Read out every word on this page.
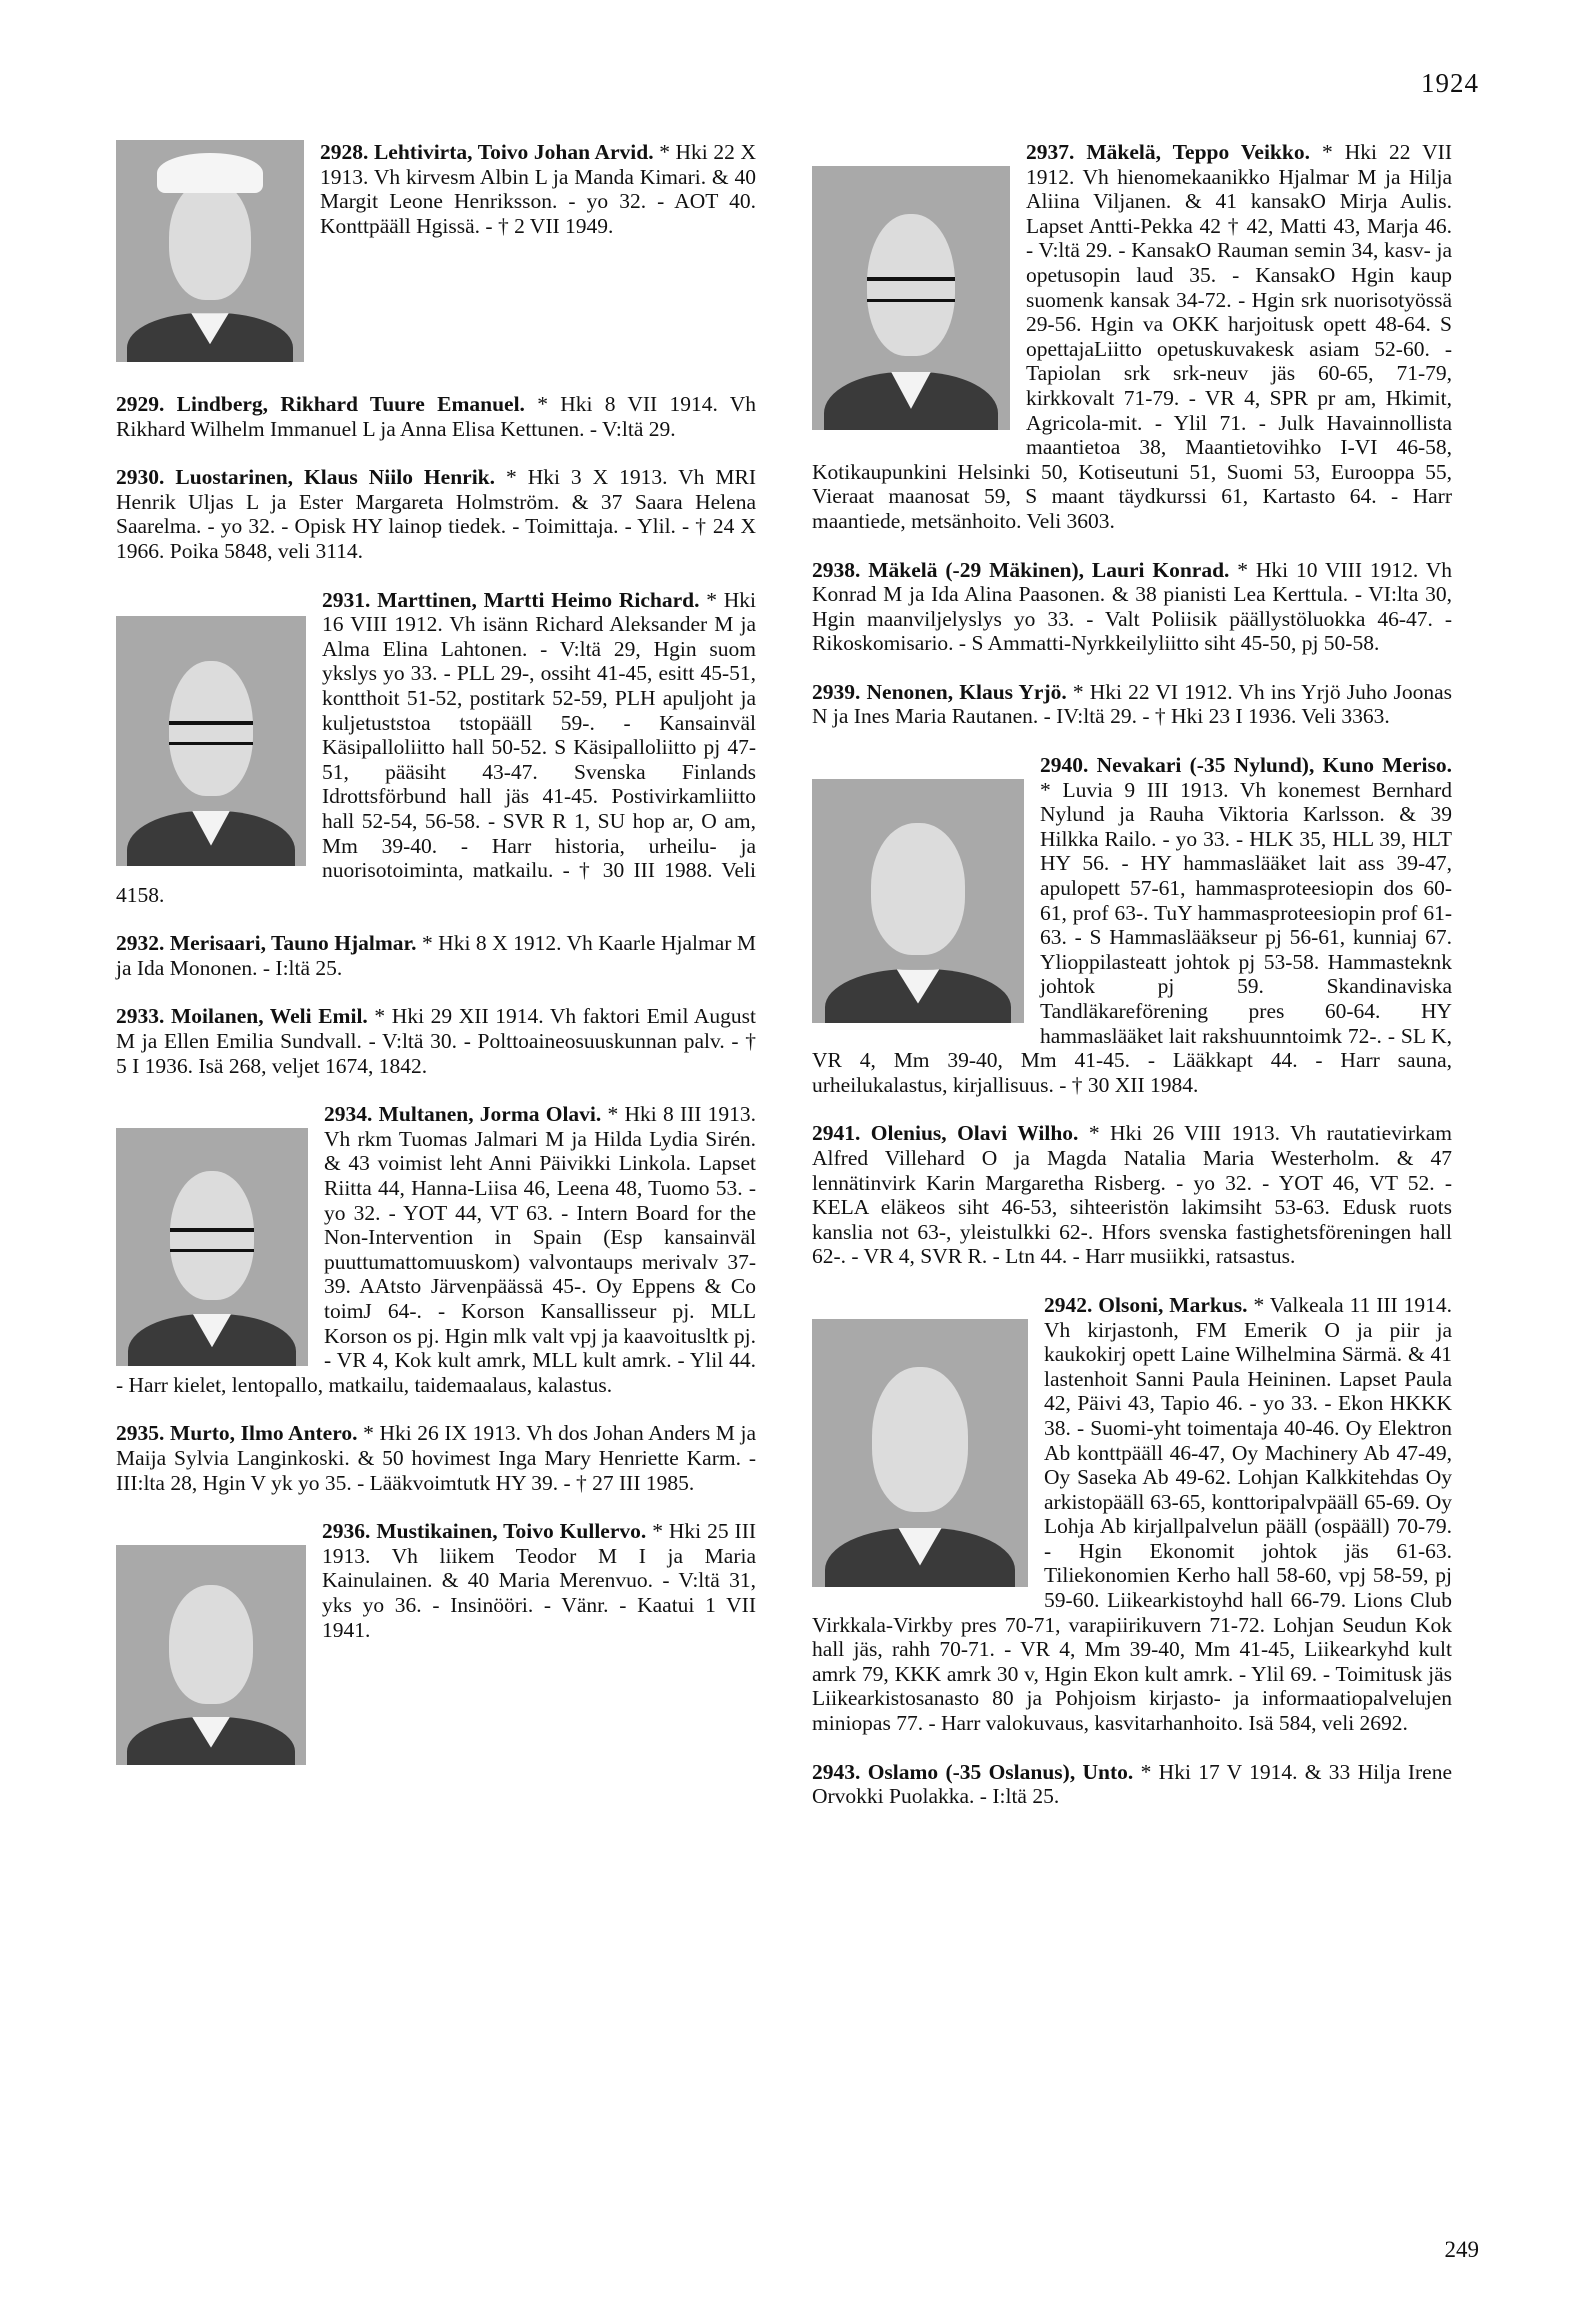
1924
2928. Lehtivirta, Toivo Johan Arvid. * Hki 22 X 1913. Vh kirvesm Albin L ja Manda Kimari. & 40 Margit Leone Henriksson. - yo 32. - AOT 40. Konttpääll Hgissä. - † 2 VII 1949.
2929. Lindberg, Rikhard Tuure Emanuel. * Hki 8 VII 1914. Vh Rikhard Wilhelm Immanuel L ja Anna Elisa Kettunen. - V:ltä 29.
2930. Luostarinen, Klaus Niilo Henrik. * Hki 3 X 1913. Vh MRI Henrik Uljas L ja Ester Margareta Holmström. & 37 Saara Helena Saarelma. - yo 32. - Opisk HY lainop tiedek. - Toimittaja. - Ylil. - † 24 X 1966. Poika 5848, veli 3114.
2931. Marttinen, Martti Heimo Richard. * Hki 16 VIII 1912. Vh isänn Richard Aleksander M ja Alma Elina Lahtonen. - V:ltä 29, Hgin suom ykslys yo 33. - PLL 29-, ossiht 41-45, esitt 45-51, kontthoit 51-52, postitark 52-59, PLH apuljoht ja kuljetuststoa tstopääll 59-. - Kansainväl Käsipalloliitto hall 50-52. S Käsipalloliitto pj 47-51, pääsiht 43-47. Svenska Finlands Idrottsförbund hall jäs 41-45. Postivirkamliitto hall 52-54, 56-58. - SVR R 1, SU hop ar, O am, Mm 39-40. - Harr historia, urheilu- ja nuorisotoiminta, matkailu. - † 30 III 1988. Veli 4158.
2932. Merisaari, Tauno Hjalmar. * Hki 8 X 1912. Vh Kaarle Hjalmar M ja Ida Mononen. - I:ltä 25.
2933. Moilanen, Weli Emil. * Hki 29 XII 1914. Vh faktori Emil August M ja Ellen Emilia Sundvall. - V:ltä 30. - Polttoaineosuuskunnan palv. - † 5 I 1936. Isä 268, veljet 1674, 1842.
2934. Multanen, Jorma Olavi. * Hki 8 III 1913. Vh rkm Tuomas Jalmari M ja Hilda Lydia Sirén. & 43 voimist leht Anni Päivikki Linkola. Lapset Riitta 44, Hanna-Liisa 46, Leena 48, Tuomo 53. - yo 32. - YOT 44, VT 63. - Intern Board for the Non-Intervention in Spain (Esp kansainväl puuttumattomuuskom) valvontaups merivalv 37-39. AAtsto Järvenpäässä 45-. Oy Eppens & Co toimJ 64-. - Korson Kansallisseur pj. MLL Korson os pj. Hgin mlk valt vpj ja kaavoitusltk pj. - VR 4, Kok kult amrk, MLL kult amrk. - Ylil 44. - Harr kielet, lentopallo, matkailu, taidemaalaus, kalastus.
2935. Murto, Ilmo Antero. * Hki 26 IX 1913. Vh dos Johan Anders M ja Maija Sylvia Langinkoski. & 50 hovimest Inga Mary Henriette Karm. - III:lta 28, Hgin V yk yo 35. - Lääkvoimtutk HY 39. - † 27 III 1985.
2936. Mustikainen, Toivo Kullervo. * Hki 25 III 1913. Vh liikem Teodor M I ja Maria Kainulainen. & 40 Maria Merenvuo. - V:ltä 31, yks yo 36. - Insinööri. - Vänr. - Kaatui 1 VII 1941.
2937. Mäkelä, Teppo Veikko. * Hki 22 VII 1912. Vh hienomekaanikko Hjalmar M ja Hilja Aliina Viljanen. & 41 kansakO Mirja Aulis. Lapset Antti-Pekka 42 † 42, Matti 43, Marja 46. - V:ltä 29. - KansakO Rauman semin 34, kasv- ja opetusopin laud 35. - KansakO Hgin kaup suomenk kansak 34-72. - Hgin srk nuorisotyössä 29-56. Hgin va OKK harjoitusk opett 48-64. S opettajaLiitto opetuskuvakesk asiam 52-60. - Tapiolan srk srk-neuv jäs 60-65, 71-79, kirkkovalt 71-79. - VR 4, SPR pr am, Hkimit, Agricola-mit. - Ylil 71. - Julk Havainnollista maantietoa 38, Maantietovihko I-VI 46-58, Kotikaupunkini Helsinki 50, Kotiseutuni 51, Suomi 53, Eurooppa 55, Vieraat maanosat 59, S maant täydkurssi 61, Kartasto 64. - Harr maantiede, metsänhoito. Veli 3603.
2938. Mäkelä (-29 Mäkinen), Lauri Konrad. * Hki 10 VIII 1912. Vh Konrad M ja Ida Alina Paasonen. & 38 pianisti Lea Kerttula. - VI:lta 30, Hgin maanviljelyslys yo 33. - Valt Poliisik päällystöluokka 46-47. - Rikoskomisario. - S Ammatti-Nyrkkeilyliitto siht 45-50, pj 50-58.
2939. Nenonen, Klaus Yrjö. * Hki 22 VI 1912. Vh ins Yrjö Juho Joonas N ja Ines Maria Rautanen. - IV:ltä 29. - † Hki 23 I 1936. Veli 3363.
2940. Nevakari (-35 Nylund), Kuno Meriso. * Luvia 9 III 1913. Vh konemest Bernhard Nylund ja Rauha Viktoria Karlsson. & 39 Hilkka Railo. - yo 33. - HLK 35, HLL 39, HLT HY 56. - HY hammaslääket lait ass 39-47, apulopett 57-61, hammasproteesiopin dos 60-61, prof 63-. TuY hammasproteesiopin prof 61-63. - S Hammaslääkseur pj 56-61, kunniaj 67. Ylioppilasteatt johtok pj 53-58. Hammasteknk johtok pj 59. Skandinaviska Tandläkareförening pres 60-64. HY hammaslääket lait rakshuunntoimk 72-. - SL K, VR 4, Mm 39-40, Mm 41-45. - Lääkkapt 44. - Harr sauna, urheilukalastus, kirjallisuus. - † 30 XII 1984.
2941. Olenius, Olavi Wilho. * Hki 26 VIII 1913. Vh rautatievirkam Alfred Villehard O ja Magda Natalia Maria Westerholm. & 47 lennätinvirk Karin Margaretha Risberg. - yo 32. - YOT 46, VT 52. - KELA eläkeos siht 46-53, sihteeristön lakimsiht 53-63. Edusk ruots kanslia not 63-, yleistulkki 62-. Hfors svenska fastighetsföreningen hall 62-. - VR 4, SVR R. - Ltn 44. - Harr musiikki, ratsastus.
2942. Olsoni, Markus. * Valkeala 11 III 1914. Vh kirjastonh, FM Emerik O ja piir ja kaukokirj opett Laine Wilhelmina Särmä. & 41 lastenhoit Sanni Paula Heininen. Lapset Paula 42, Päivi 43, Tapio 46. - yo 33. - Ekon HKKK 38. - Suomi-yht toimentaja 40-46. Oy Elektron Ab konttpääll 46-47, Oy Machinery Ab 47-49, Oy Saseka Ab 49-62. Lohjan Kalkkitehdas Oy arkistopääll 63-65, konttoripalvpääll 65-69. Oy Lohja Ab kirjallpalvelun pääll (ospääll) 70-79. - Hgin Ekonomit johtok jäs 61-63. Tiliekonomien Kerho hall 58-60, vpj 58-59, pj 59-60. Liikearkistoyhd hall 66-79. Lions Club Virkkala-Virkby pres 70-71, varapiirikuvern 71-72. Lohjan Seudun Kok hall jäs, rahh 70-71. - VR 4, Mm 39-40, Mm 41-45, Liikearkyhd kult amrk 79, KKK amrk 30 v, Hgin Ekon kult amrk. - Ylil 69. - Toimitusk jäs Liikearkistosanasto 80 ja Pohjoism kirjasto- ja informaatiopalvelujen miniopas 77. - Harr valokuvaus, kasvitarhanhoito. Isä 584, veli 2692.
2943. Oslamo (-35 Oslanus), Unto. * Hki 17 V 1914. & 33 Hilja Irene Orvokki Puolakka. - I:ltä 25.
249
